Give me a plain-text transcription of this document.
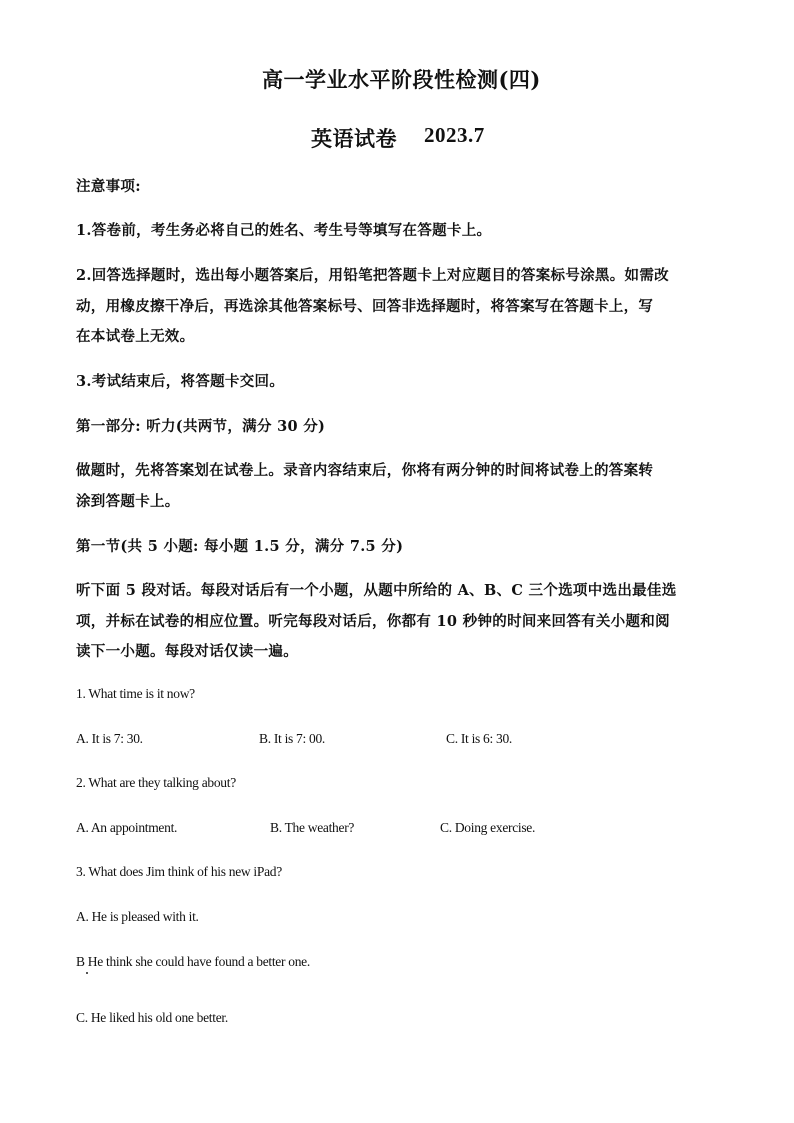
高一学业水平阶段性检测(四)
英语试卷 2023.7
注意事项:
1.答卷前，考生务必将自己的姓名、考生号等填写在答题卡上。
2.回答选择题时，选出每小题答案后，用铅笔把答题卡上对应题目的答案标号涂黑。如需改
动，用橡皮擦干净后，再选涂其他答案标号、回答非选择题时，将答案写在答题卡上，写
在本试卷上无效。
3.考试结束后，将答题卡交回。
第一部分: 听力(共两节，满分 30 分)
做题时，先将答案划在试卷上。录音内容结束后，你将有两分钟的时间将试卷上的答案转
涂到答题卡上。
第一节(共 5 小题: 每小题 1.5 分，满分 7.5 分)
听下面 5 段对话。每段对话后有一个小题，从题中所给的 A、B、C 三个选项中选出最佳选
项，并标在试卷的相应位置。听完每段对话后，你都有 10 秒钟的时间来回答有关小题和阅
读下一小题。每段对话仅读一遍。
1. What time is it now?
A. It is 7: 30.	B. It is 7: 00.	C. It is 6: 30.
2. What are they talking about?
A. An appointment.	B. The weather?	C. Doing exercise.
3. What does Jim think of his new iPad?
A. He is pleased with it.
B He think she could have found a better one.
C. He liked his old one better.
